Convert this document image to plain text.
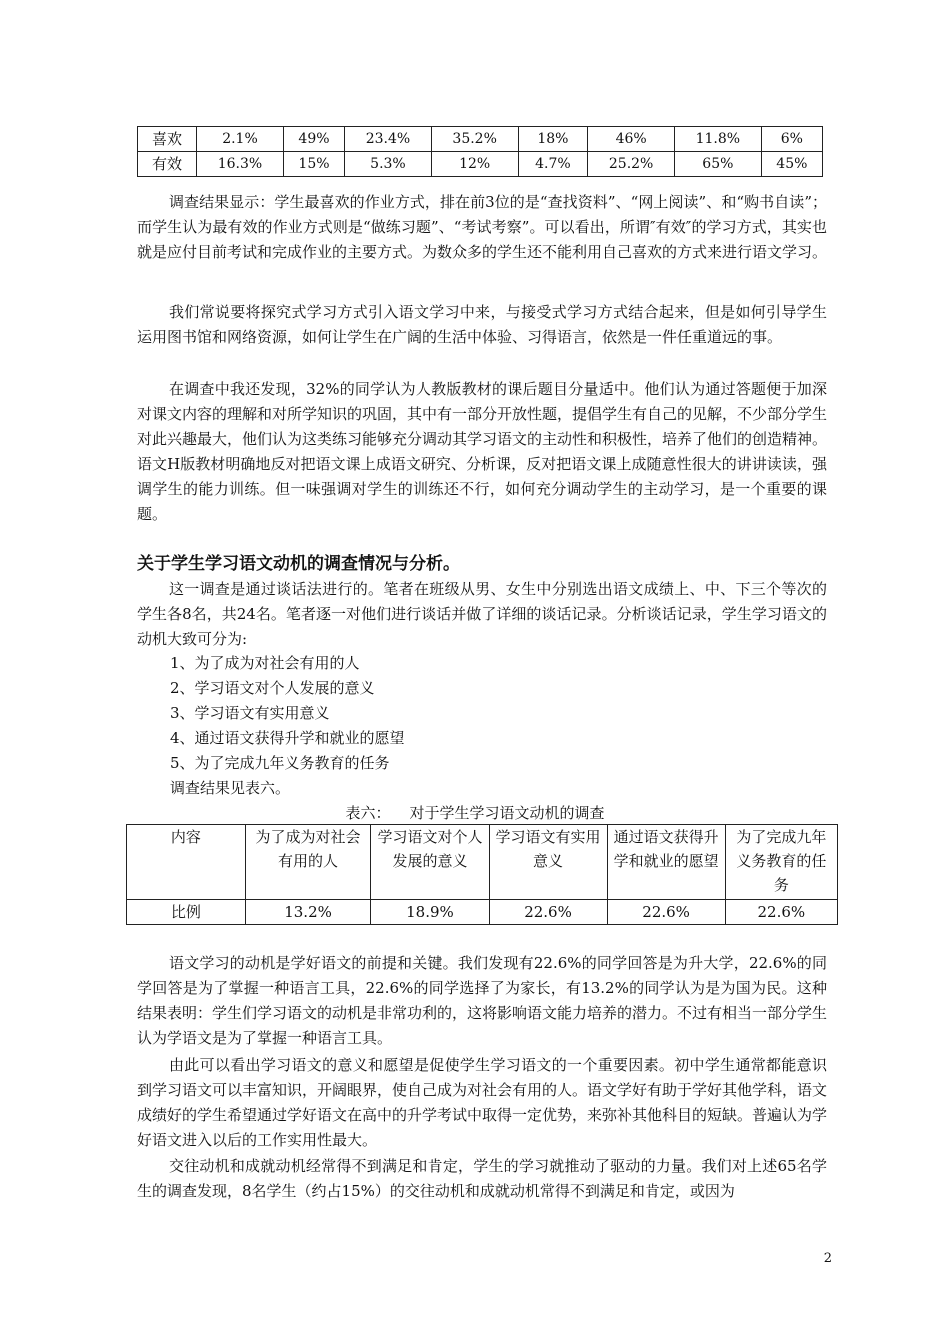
喜欢	2.1%	49%	23.4%	35.2%	18%	46%	11.8%	6%
有效	16.3%	15%	5.3%	12%	4.7%	25.2%	65%	45%

调查结果显示：学生最喜欢的作业方式，排在前3位的是“查找资料”、“网上阅读”、和“购书自读”；而学生认为最有效的作业方式则是“做练习题”、“考试考察”。可以看出，所谓″有效″的学习方式，其实也就是应付目前考试和完成作业的主要方式。为数众多的学生还不能利用自己喜欢的方式来进行语文学习。

我们常说要将探究式学习方式引入语文学习中来，与接受式学习方式结合起来，但是如何引导学生运用图书馆和网络资源，如何让学生在广阔的生活中体验、习得语言，依然是一件任重道远的事。

在调查中我还发现，32%的同学认为人教版教材的课后题目分量适中。他们认为通过答题便于加深对课文内容的理解和对所学知识的巩固，其中有一部分开放性题，提倡学生有自己的见解，不少部分学生对此兴趣最大，他们认为这类练习能够充分调动其学习语文的主动性和积极性，培养了他们的创造精神。语文H版教材明确地反对把语文课上成语文研究、分析课，反对把语文课上成随意性很大的讲讲读读，强调学生的能力训练。但一味强调对学生的训练还不行，如何充分调动学生的主动学习，是一个重要的课题。

关于学生学习语文动机的调查情况与分析。

这一调查是通过谈话法进行的。笔者在班级从男、女生中分别选出语文成绩上、中、下三个等次的学生各8名，共24名。笔者逐一对他们进行谈话并做了详细的谈话记录。分析谈话记录，学生学习语文的动机大致可分为:

1、为了成为对社会有用的人
2、学习语文对个人发展的意义
3、学习语文有实用意义
4、通过语文获得升学和就业的愿望
5、为了完成九年义务教育的任务
调查结果见表六。
表六：    对于学生学习语文动机的调查
内容	为了成为对社会有用的人	学习语文对个人发展的意义	学习语文有实用意义	通过语文获得升学和就业的愿望	为了完成九年义务教育的任务
比例	13.2%	18.9%	22.6%	22.6%	22.6%

语文学习的动机是学好语文的前提和关键。我们发现有22.6%的同学回答是为升大学，22.6%的同学回答是为了掌握一种语言工具，22.6%的同学选择了为家长，有13.2%的同学认为是为国为民。这种结果表明：学生们学习语文的动机是非常功利的，这将影响语文能力培养的潜力。不过有相当一部分学生认为学语文是为了掌握一种语言工具。

由此可以看出学习语文的意义和愿望是促使学生学习语文的一个重要因素。初中学生通常都能意识到学习语文可以丰富知识，开阔眼界，使自己成为对社会有用的人。语文学好有助于学好其他学科，语文成绩好的学生希望通过学好语文在高中的升学考试中取得一定优势，来弥补其他科目的短缺。普遍认为学好语文进入以后的工作实用性最大。

交往动机和成就动机经常得不到满足和肯定，学生的学习就推动了驱动的力量。我们对上述65名学生的调查发现，8名学生（约占15%）的交往动机和成就动机常得不到满足和肯定，或因为

2
